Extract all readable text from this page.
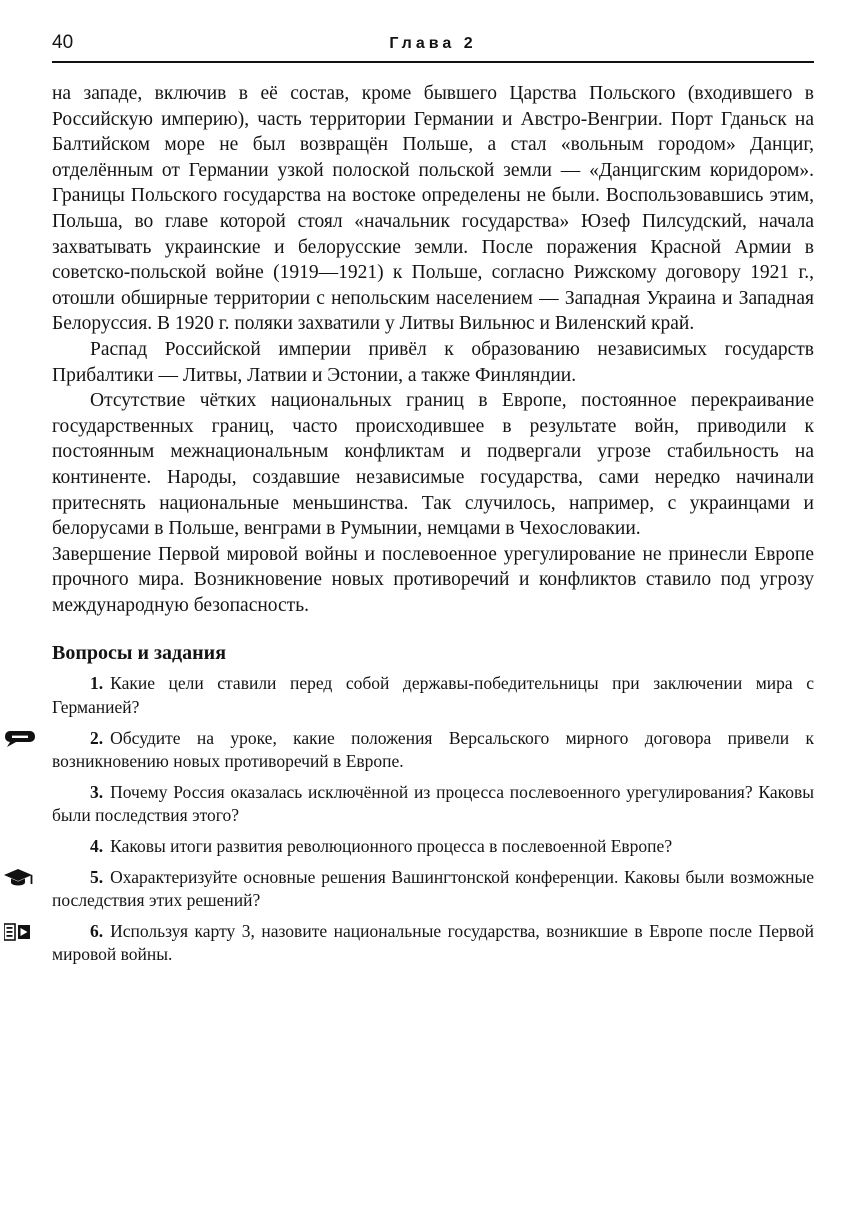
40	Глава 2

на западе, включив в её состав, кроме бывшего Царства Польского (входившего в Российскую империю), часть территории Германии и Австро-Венгрии. Порт Гданьск на Балтийском море не был возвращён Польше, а стал «вольным городом» Данциг, отделённым от Германии узкой полоской польской земли — «Данцигским коридором». Границы Польского государства на востоке определены не были. Воспользовавшись этим, Польша, во главе которой стоял «начальник государства» Юзеф Пилсудский, начала захватывать украинские и белорусские земли. После поражения Красной Армии в советско-польской войне (1919—1921) к Польше, согласно Рижскому договору 1921 г., отошли обширные территории с непольским населением — Западная Украина и Западная Белоруссия. В 1920 г. поляки захватили у Литвы Вильнюс и Виленский край.

Распад Российской империи привёл к образованию независимых государств Прибалтики — Литвы, Латвии и Эстонии, а также Финляндии.

Отсутствие чётких национальных границ в Европе, постоянное перекраивание государственных границ, часто происходившее в результате войн, приводили к постоянным межнациональным конфликтам и подвергали угрозе стабильность на континенте. Народы, создавшие независимые государства, сами нередко начинали притеснять национальные меньшинства. Так случилось, например, с украинцами и белорусами в Польше, венграми в Румынии, немцами в Чехословакии.

Завершение Первой мировой войны и послевоенное урегулирование не принесли Европе прочного мира. Возникновение новых противоречий и конфликтов ставило под угрозу международную безопасность.

Вопросы и задания

1. Какие цели ставили перед собой державы-победительницы при заключении мира с Германией?

2. Обсудите на уроке, какие положения Версальского мирного договора привели к возникновению новых противоречий в Европе.

3. Почему Россия оказалась исключённой из процесса послевоенного урегулирования? Каковы были последствия этого?

4. Каковы итоги развития революционного процесса в послевоенной Европе?

5. Охарактеризуйте основные решения Вашингтонской конференции. Каковы были возможные последствия этих решений?

6. Используя карту 3, назовите национальные государства, возникшие в Европе после Первой мировой войны.
